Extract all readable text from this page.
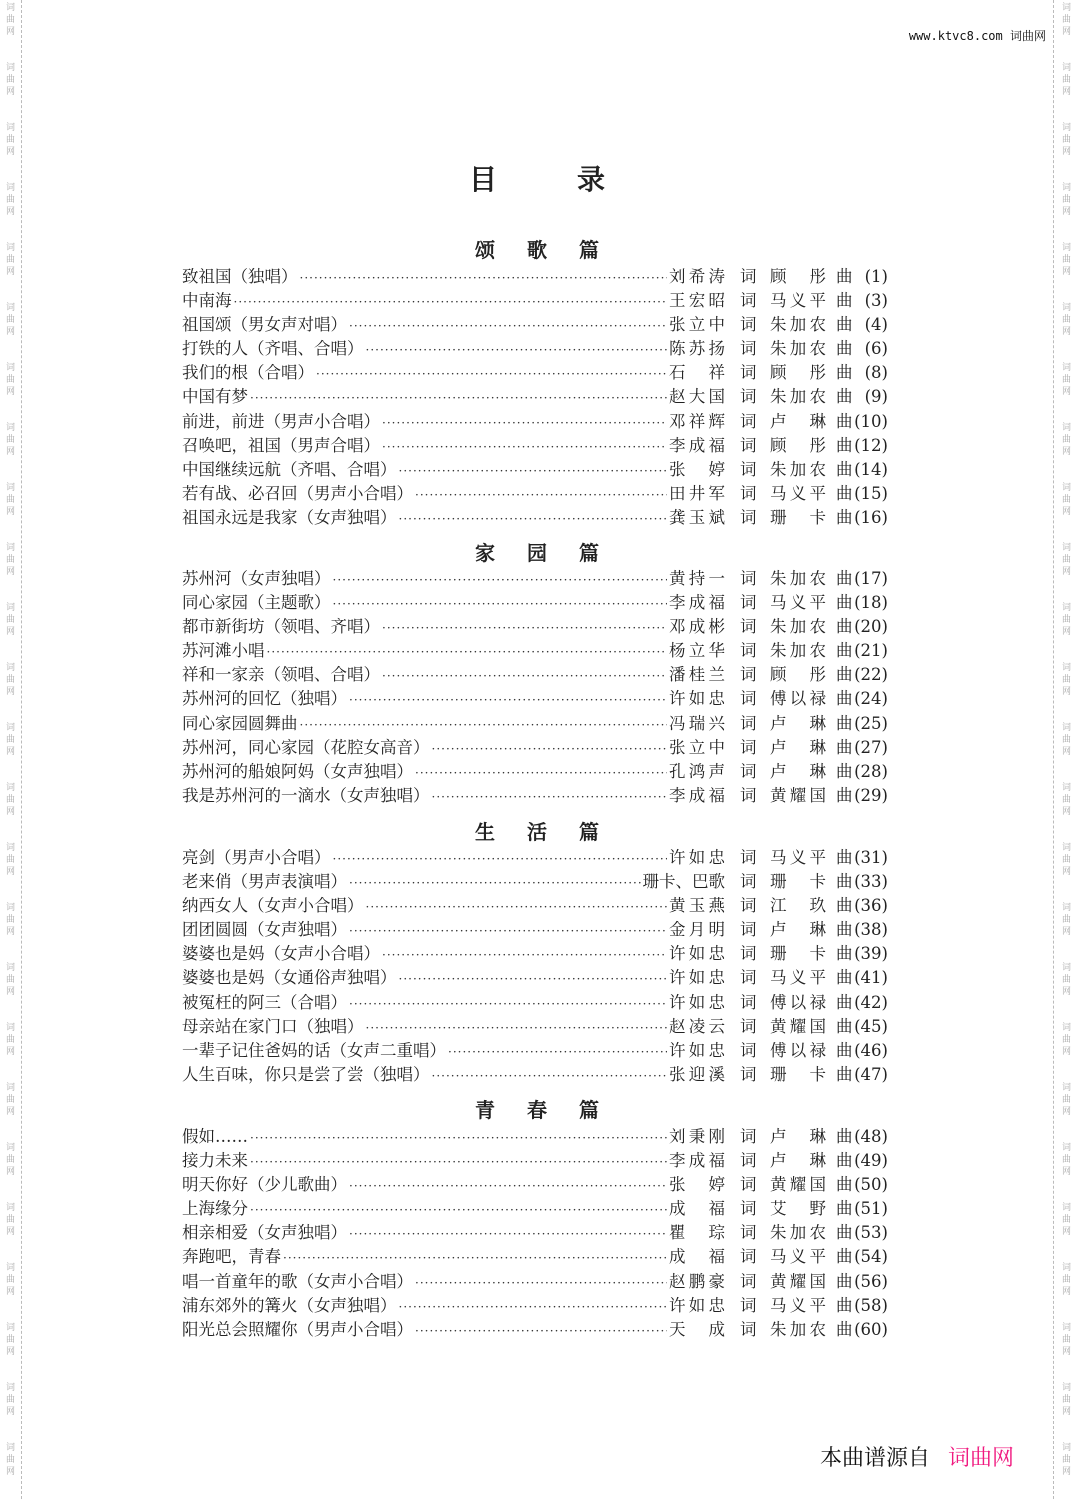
词曲网
词曲网
词曲网
词曲网
词曲网
词曲网
词曲网
词曲网
词曲网
词曲网
词曲网
词曲网
词曲网
词曲网
词曲网
词曲网
词曲网
词曲网
词曲网
词曲网
词曲网
词曲网
词曲网
词曲网
词曲网
词曲网
词曲网
词曲网
词曲网
词曲网
词曲网
词曲网
词曲网
词曲网
词曲网
词曲网
词曲网
词曲网
词曲网
词曲网
词曲网
词曲网
词曲网
词曲网
词曲网
词曲网
词曲网
词曲网
词曲网
词曲网
www.ktvc8.com 词曲网
目录
颂歌篇
致祖国（独唱） ·····	刘希涛 词 顾　彤 曲 (1)
中南海 ·····	王宏昭 词 马义平 曲 (3)
祖国颂（男女声对唱） ·····	张立中 词 朱加农 曲 (4)
打铁的人（齐唱、合唱） ·····	陈苏扬 词 朱加农 曲 (6)
我们的根（合唱） ·····	石　祥 词 顾　彤 曲 (8)
中国有梦 ·····	赵大国 词 朱加农 曲 (9)
前进，前进（男声小合唱） ·····	邓祥辉 词 卢　琳 曲 (10)
召唤吧，祖国（男声合唱） ·····	李成福 词 顾　彤 曲 (12)
中国继续远航（齐唱、合唱） ·····	张　婷 词 朱加农 曲 (14)
若有战、必召回（男声小合唱） ·····	田井军 词 马义平 曲 (15)
祖国永远是我家（女声独唱） ·····	龚玉斌 词 珊　卡 曲 (16)
家园篇
苏州河（女声独唱） ·····	黄持一 词 朱加农 曲 (17)
同心家园（主题歌） ·····	李成福 词 马义平 曲 (18)
都市新街坊（领唱、齐唱） ·····	邓成彬 词 朱加农 曲 (20)
苏河滩小唱 ·····	杨立华 词 朱加农 曲 (21)
祥和一家亲（领唱、合唱） ·····	潘桂兰 词 顾　彤 曲 (22)
苏州河的回忆（独唱） ·····	许如忠 词 傅以禄 曲 (24)
同心家园圆舞曲 ·····	冯瑞兴 词 卢　琳 曲 (25)
苏州河，同心家园（花腔女高音） ·····	张立中 词 卢　琳 曲 (27)
苏州河的船娘阿妈（女声独唱） ·····	孔鸿声 词 卢　琳 曲 (28)
我是苏州河的一滴水（女声独唱） ·····	李成福 词 黄耀国 曲 (29)
生活篇
亮剑（男声小合唱） ·····	许如忠 词 马义平 曲 (31)
老来俏（男声表演唱） ·····	珊卡、巴歌 词 珊　卡 曲 (33)
纳西女人（女声小合唱） ·····	黄玉燕 词 江　玖 曲 (36)
团团圆圆（女声独唱） ·····	金月明 词 卢　琳 曲 (38)
婆婆也是妈（女声小合唱） ·····	许如忠 词 珊　卡 曲 (39)
婆婆也是妈（女通俗声独唱） ·····	许如忠 词 马义平 曲 (41)
被冤枉的阿三（合唱） ·····	许如忠 词 傅以禄 曲 (42)
母亲站在家门口（独唱） ·····	赵凌云 词 黄耀国 曲 (45)
一辈子记住爸妈的话（女声二重唱） ·····	许如忠 词 傅以禄 曲 (46)
人生百味，你只是尝了尝（独唱） ·····	张迎溪 词 珊　卡 曲 (47)
青春篇
假如…… ·····	刘秉刚 词 卢　琳 曲 (48)
接力未来 ·····	李成福 词 卢　琳 曲 (49)
明天你好（少儿歌曲） ·····	张　婷 词 黄耀国 曲 (50)
上海缘分 ·····	成　福 词 艾　野 曲 (51)
相亲相爱（女声独唱） ·····	瞿　琮 词 朱加农 曲 (53)
奔跑吧，青春 ·····	成　福 词 马义平 曲 (54)
唱一首童年的歌（女声小合唱） ·····	赵鹏豪 词 黄耀国 曲 (56)
浦东郊外的篝火（女声独唱） ·····	许如忠 词 马义平 曲 (58)
阳光总会照耀你（男声小合唱） ·····	天　成 词 朱加农 曲 (60)
本曲谱源自 词曲网
